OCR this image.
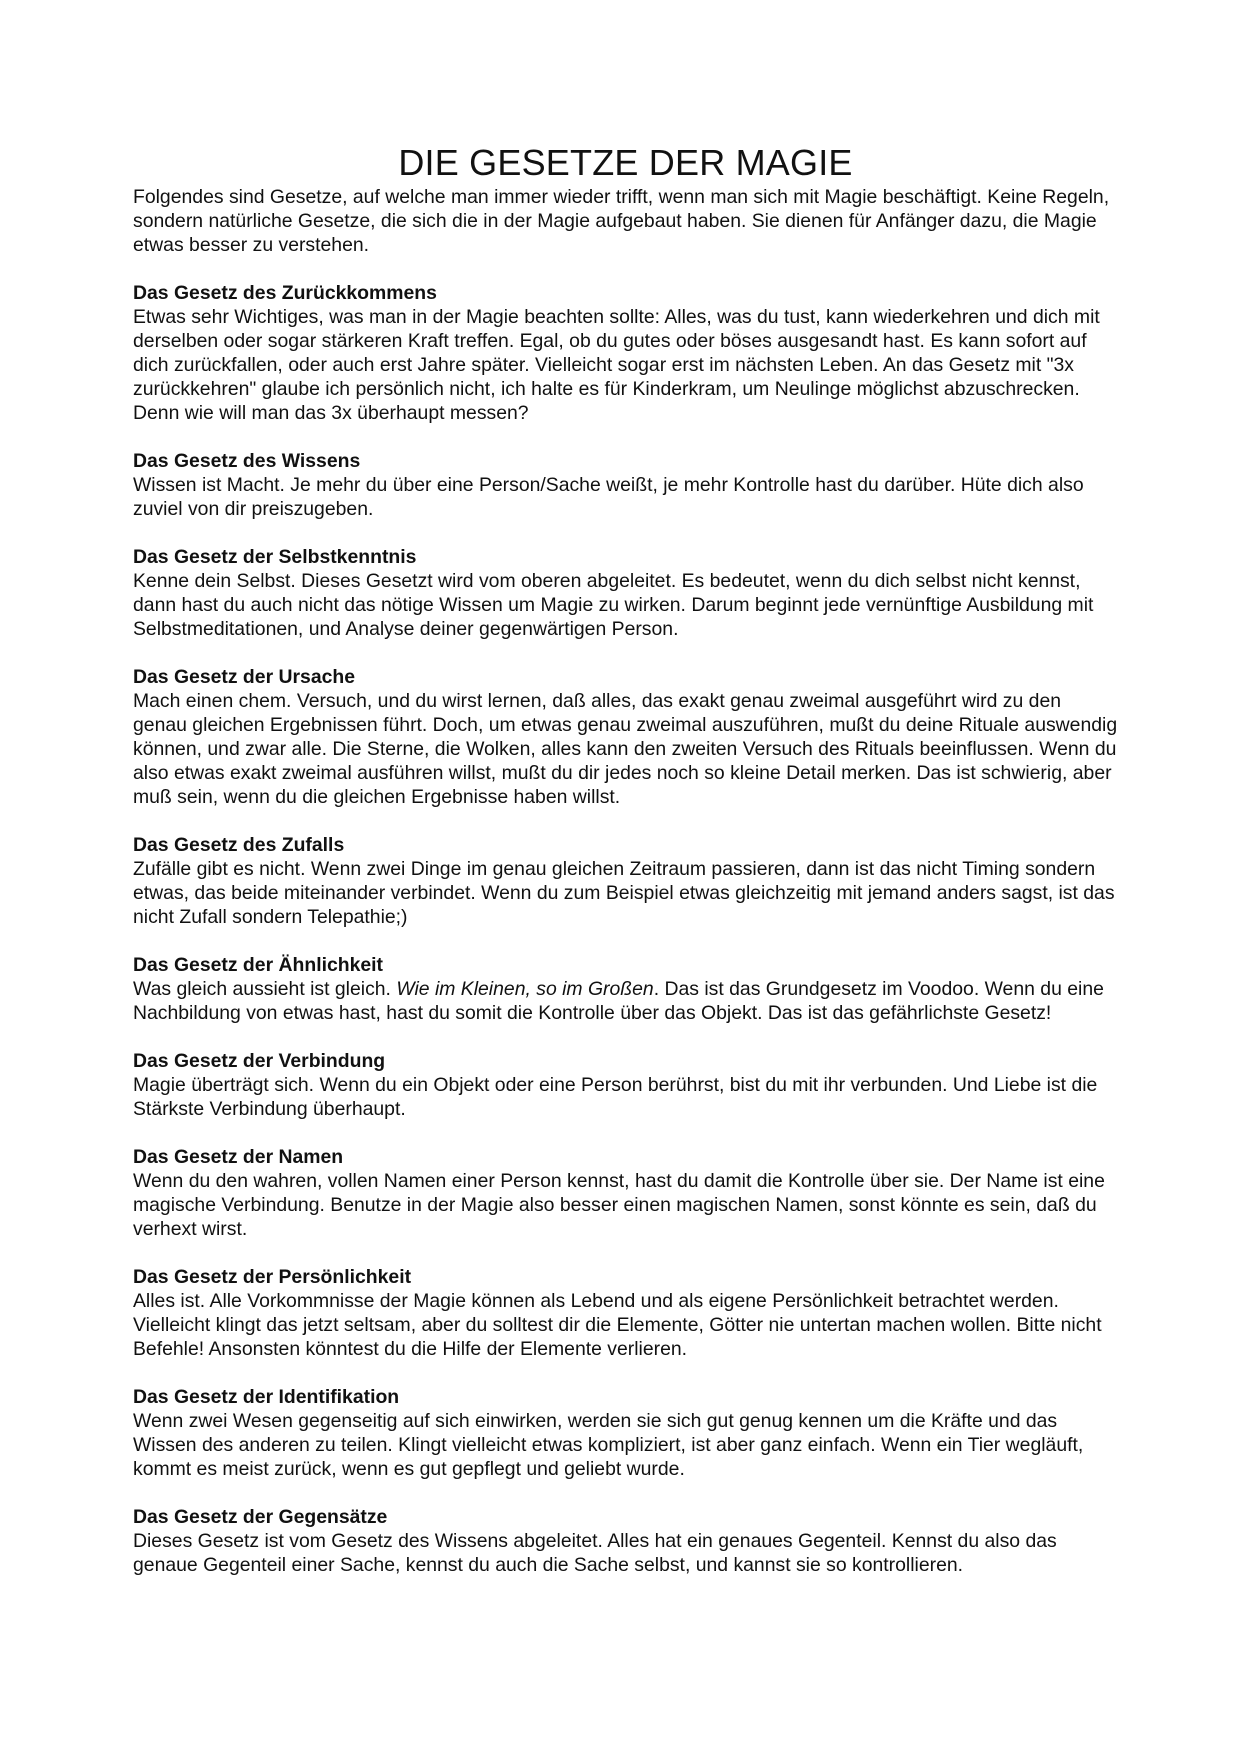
DIE GESETZE DER MAGIE

Folgendes sind Gesetze, auf welche man immer wieder trifft, wenn man sich mit Magie beschäftigt. Keine Regeln, sondern natürliche Gesetze, die sich die in der Magie aufgebaut haben. Sie dienen für Anfänger dazu, die Magie etwas besser zu verstehen.

Das Gesetz des Zurückkommens

Etwas sehr Wichtiges, was man in der Magie beachten sollte: Alles, was du tust, kann wiederkehren und dich mit derselben oder sogar stärkeren Kraft treffen. Egal, ob du gutes oder böses ausgesandt hast. Es kann sofort auf dich zurückfallen, oder auch erst Jahre später. Vielleicht sogar erst im nächsten Leben. An das Gesetz mit "3x zurückkehren" glaube ich persönlich nicht, ich halte es für Kinderkram, um Neulinge möglichst abzuschrecken. Denn wie will man das 3x überhaupt messen?

Das Gesetz des Wissens

Wissen ist Macht. Je mehr du über eine Person/Sache weißt, je mehr Kontrolle hast du darüber. Hüte dich also zuviel von dir preiszugeben.

Das Gesetz der Selbstkenntnis

Kenne dein Selbst. Dieses Gesetzt wird vom oberen abgeleitet. Es bedeutet, wenn du dich selbst nicht kennst, dann hast du auch nicht das nötige Wissen um Magie zu wirken. Darum beginnt jede vernünftige Ausbildung mit Selbstmeditationen, und Analyse deiner gegenwärtigen Person.

Das Gesetz der Ursache

Mach einen chem. Versuch, und du wirst lernen, daß alles, das exakt genau zweimal ausgeführt wird zu den genau gleichen Ergebnissen führt. Doch, um etwas genau zweimal auszuführen, mußt du deine Rituale auswendig können, und zwar alle. Die Sterne, die Wolken, alles kann den zweiten Versuch des Rituals beeinflussen. Wenn du also etwas exakt zweimal ausführen willst, mußt du dir jedes noch so kleine Detail merken. Das ist schwierig, aber muß sein, wenn du die gleichen Ergebnisse haben willst.

Das Gesetz des Zufalls

Zufälle gibt es nicht. Wenn zwei Dinge im genau gleichen Zeitraum passieren, dann ist das nicht Timing sondern etwas, das beide miteinander verbindet. Wenn du zum Beispiel etwas gleichzeitig mit jemand anders sagst, ist das nicht Zufall sondern Telepathie;)

Das Gesetz der Ähnlichkeit

Was gleich aussieht ist gleich. Wie im Kleinen, so im Großen. Das ist das Grundgesetz im Voodoo. Wenn du eine Nachbildung von etwas hast, hast du somit die Kontrolle über das Objekt. Das ist das gefährlichste Gesetz!

Das Gesetz der Verbindung

Magie überträgt sich. Wenn du ein Objekt oder eine Person berührst, bist du mit ihr verbunden. Und Liebe ist die Stärkste Verbindung überhaupt.

Das Gesetz der Namen

Wenn du den wahren, vollen Namen einer Person kennst, hast du damit die Kontrolle über sie. Der Name ist eine magische Verbindung. Benutze in der Magie also besser einen magischen Namen, sonst könnte es sein, daß du verhext wirst.

Das Gesetz der Persönlichkeit

Alles ist. Alle Vorkommnisse der Magie können als Lebend und als eigene Persönlichkeit betrachtet werden. Vielleicht klingt das jetzt seltsam, aber du solltest dir die Elemente, Götter nie untertan machen wollen. Bitte nicht Befehle! Ansonsten könntest du die Hilfe der Elemente verlieren.

Das Gesetz der Identifikation

Wenn zwei Wesen gegenseitig auf sich einwirken, werden sie sich gut genug kennen um die Kräfte und das Wissen des anderen zu teilen. Klingt vielleicht etwas kompliziert, ist aber ganz einfach. Wenn ein Tier wegläuft, kommt es meist zurück, wenn es gut gepflegt und geliebt wurde.

Das Gesetz der Gegensätze

Dieses Gesetz ist vom Gesetz des Wissens abgeleitet. Alles hat ein genaues Gegenteil. Kennst du also das genaue Gegenteil einer Sache, kennst du auch die Sache selbst, und kannst sie so kontrollieren.
